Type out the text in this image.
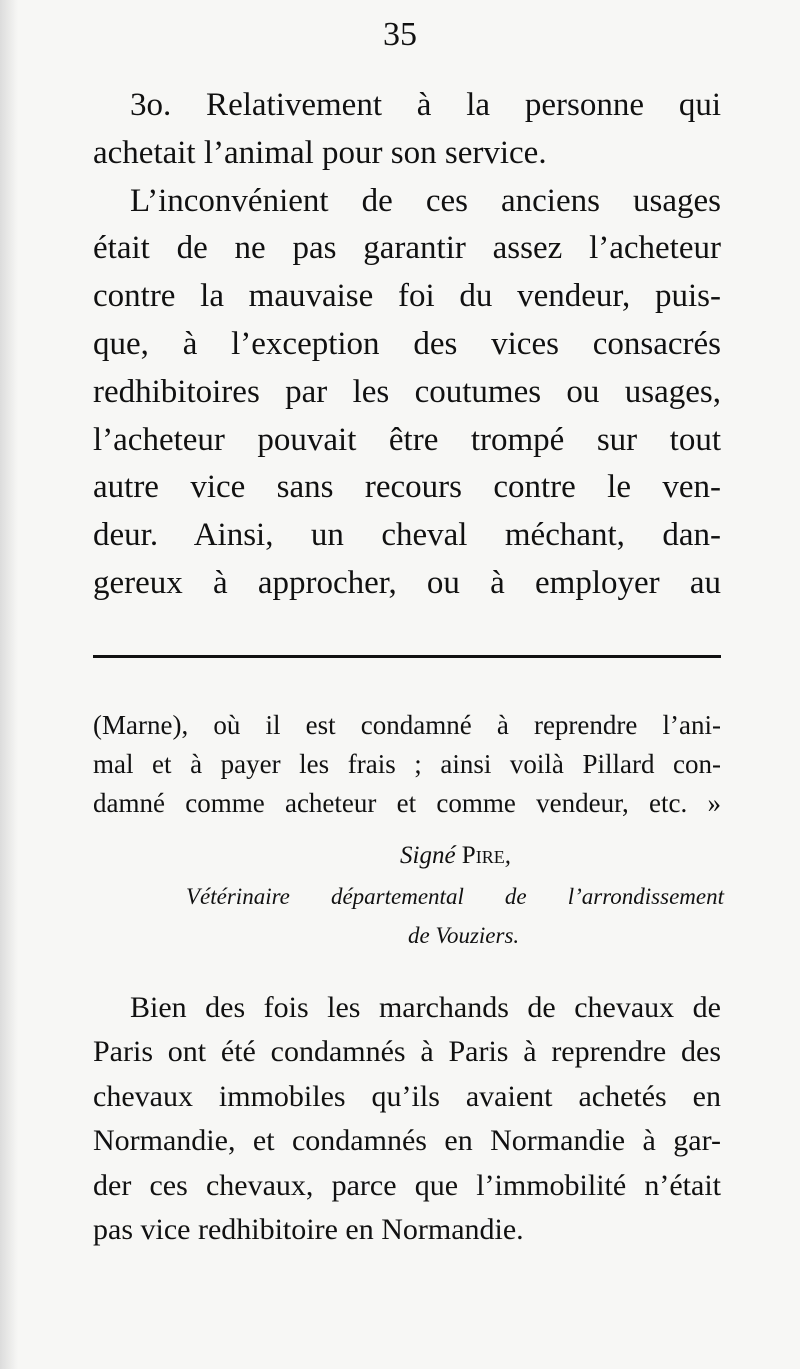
35
3o. Relativement à la personne qui
achetait l’animal pour son service.
L’inconvénient de ces anciens usages
était de ne pas garantir assez l’acheteur
contre la mauvaise foi du vendeur, puis-
que, à l’exception des vices consacrés
redhibitoires par les coutumes ou usages,
l’acheteur pouvait être trompé sur tout
autre vice sans recours contre le ven-
deur. Ainsi, un cheval méchant, dan-
gereux à approcher, ou à employer au
(Marne), où il est condamné à reprendre l’ani-
mal et à payer les frais ; ainsi voilà Pillard con-
damné comme acheteur et comme vendeur, etc. »
Signé Pire,
Vétérinaire départemental de l’arrondissement
de Vouziers.
Bien des fois les marchands de chevaux de
Paris ont été condamnés à Paris à reprendre des
chevaux immobiles qu’ils avaient achetés en
Normandie, et condamnés en Normandie à gar-
der ces chevaux, parce que l’immobilité n’était
pas vice redhibitoire en Normandie.
